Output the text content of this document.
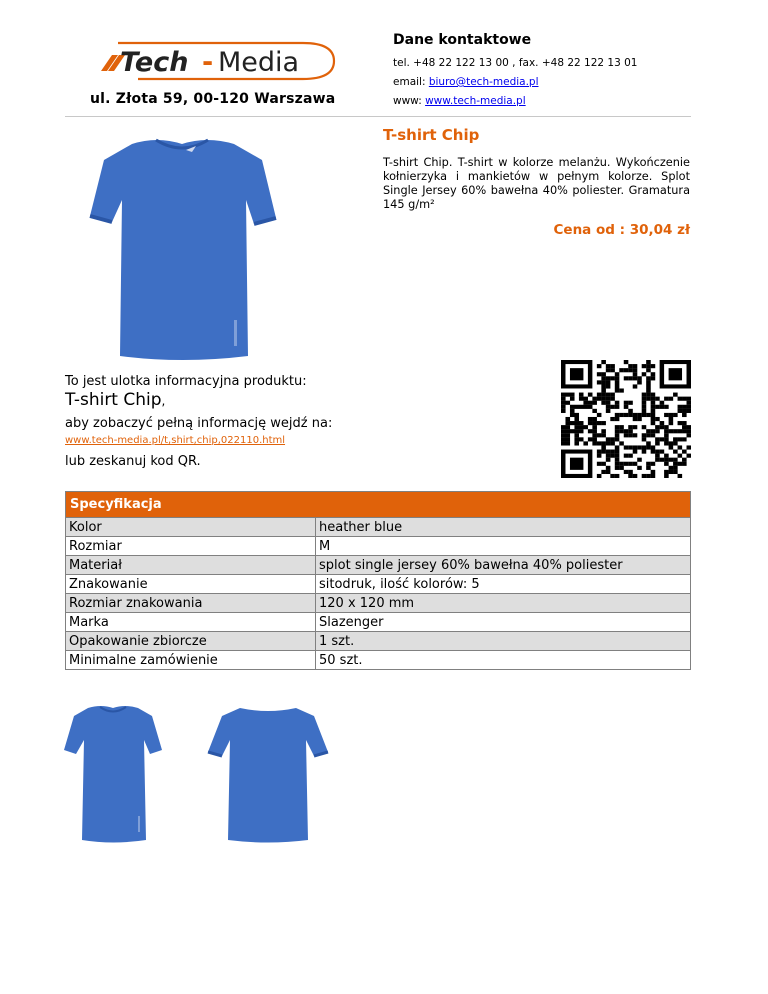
Tech - Media
ul. Złota 59, 00-120 Warszawa
Dane kontaktowe
tel. +48 22 122 13 00 , fax. +48 22 122 13 01
email: biuro@tech-media.pl
www: www.tech-media.pl
T-shirt Chip
T-shirt Chip. T-shirt w kolorze melanżu. Wykończenie kołnierzyka i mankietów w pełnym kolorze. Splot Single Jersey 60% bawełna 40% poliester. Gramatura 145 g/m²
Cena od : 30,04 zł
To jest ulotka informacyjna produktu:
T-shirt Chip,
aby zobaczyć pełną informację wejdź na:
www.tech-media.pl/t,shirt,chip,022110.html
lub zeskanuj kod QR.
Specyfikacja	
Kolor	heather blue
Rozmiar	M
Materiał	splot single jersey 60% bawełna 40% poliester
Znakowanie	sitodruk, ilość kolorów: 5
Rozmiar znakowania	120 x 120 mm
Marka	Slazenger
Opakowanie zbiorcze	1 szt.
Minimalne zamówienie	50 szt.
